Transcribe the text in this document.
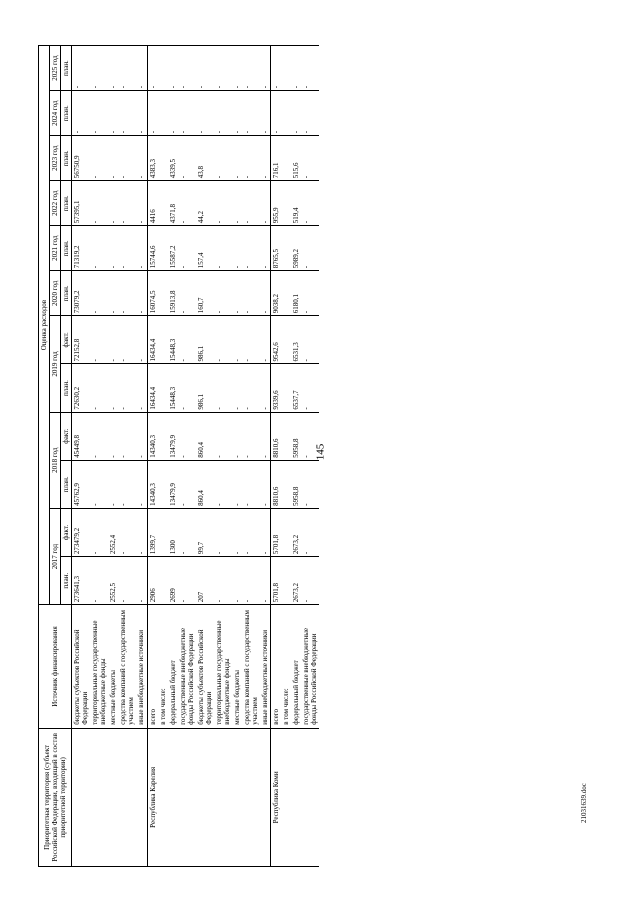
145
Приоритетная территория (субъект Российской Федерации, входящий в состав приоритетной территории)	Источник финансирования	Оценка расходов											
		2017 год		2018 год		2019 год		2020 год	2021 год	2022 год	2023 год	2024 год	2025 год
		план.	факт.	план.	факт.	план.	факт.	план.	план.	план.	план.	план.	план.

	бюджеты субъектов Российской Федерации	273641,3	273479,2	45762,9	45449,8	72630,2	72152,8	73079,2	71319,2	57395,1	56750,9	-	-
	территориальные государственные внебюджетные фонды	-	-	-	-	-	-	-	-	-	-	-	-
	местные бюджеты	2552,5	2552,4	-	-	-	-	-	-	-	-	-	-
	средства компаний с государственным участием	-	-	-	-	-	-	-	-	-	-	-	-
	иные внебюджетные источники	-	-	-	-	-	-	-	-	-	-	-	-
Республика Карелия	всего	2906	1399,7	14340,3	14340,3	16434,4	16434,4	16074,5	15744,6	4416	4383,3	-	-
	в том числе:												
	федеральный бюджет	2699	1300	13479,9	13479,9	15448,3	15448,3	15913,8	15587,2	4371,8	4339,5	-	-
	государственные внебюджетные фонды Российской Федерации	-	-	-	-	-	-	-	-	-	-	-	-
	бюджеты субъектов Российской Федерации	207	99,7	860,4	860,4	986,1	986,1	160,7	157,4	44,2	43,8	-	-
	территориальные государственные внебюджетные фонды	-	-	-	-	-	-	-	-	-	-	-	-
	местные бюджеты	-	-	-	-	-	-	-	-	-	-	-	-
	средства компаний с государственным участием	-	-	-	-	-	-	-	-	-	-	-	-
	иные внебюджетные источники	-	-	-	-	-	-	-	-	-	-	-	-
Республика Коми	всего	5701,8	5701,8	8810,6	8810,6	9339,6	9542,6	9038,2	8765,5	955,9	716,1	-	-
	в том числе:												
	федеральный бюджет	2673,2	2673,2	5958,8	5958,8	6537,7	6531,3	6180,1	5989,2	519,4	515,6	-	-
	государственные внебюджетные фонды Российской Федерации	-	-	-	-	-	-	-	-	-	-	-	-
21031639.doc
